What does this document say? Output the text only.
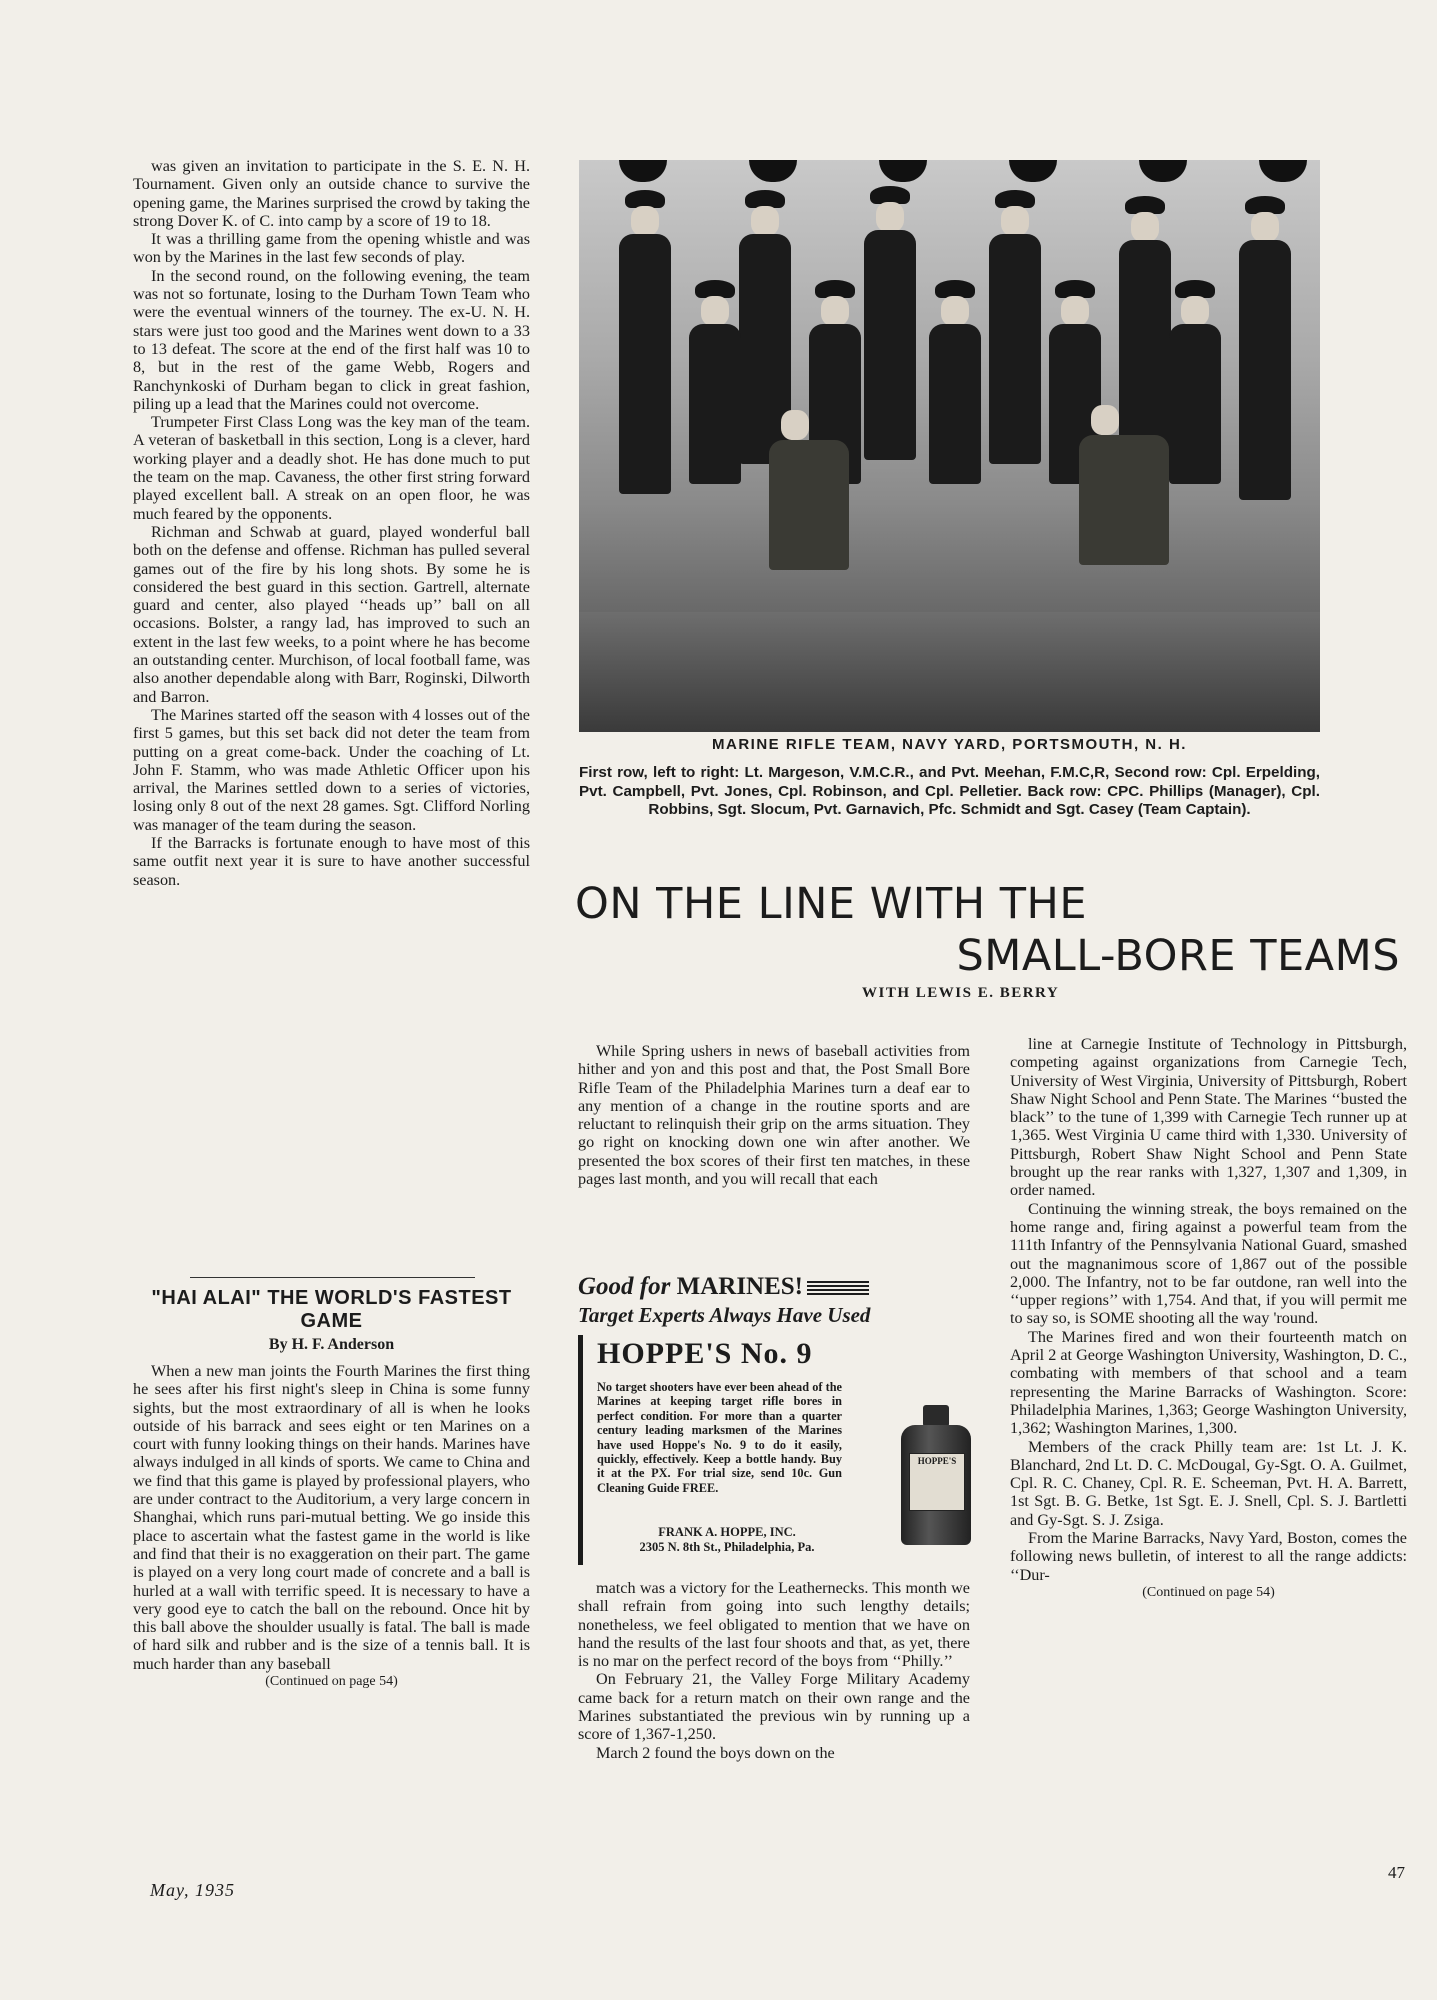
was given an invitation to participate in the S. E. N. H. Tournament. Given only an outside chance to survive the opening game, the Marines surprised the crowd by taking the strong Dover K. of C. into camp by a score of 19 to 18.

It was a thrilling game from the opening whistle and was won by the Marines in the last few seconds of play.

In the second round, on the following evening, the team was not so fortunate, losing to the Durham Town Team who were the eventual winners of the tourney. The ex-U. N. H. stars were just too good and the Marines went down to a 33 to 13 defeat. The score at the end of the first half was 10 to 8, but in the rest of the game Webb, Rogers and Ranchynkoski of Durham began to click in great fashion, piling up a lead that the Marines could not overcome.

Trumpeter First Class Long was the key man of the team. A veteran of basketball in this section, Long is a clever, hard working player and a deadly shot. He has done much to put the team on the map. Cavaness, the other first string forward played excellent ball. A streak on an open floor, he was much feared by the opponents.

Richman and Schwab at guard, played wonderful ball both on the defense and offense. Richman has pulled several games out of the fire by his long shots. By some he is considered the best guard in this section. Gartrell, alternate guard and center, also played ‘‘heads up’’ ball on all occasions. Bolster, a rangy lad, has improved to such an extent in the last few weeks, to a point where he has become an outstanding center. Murchison, of local football fame, was also another dependable along with Barr, Roginski, Dilworth and Barron.

The Marines started off the season with 4 losses out of the first 5 games, but this set back did not deter the team from putting on a great come-back. Under the coaching of Lt. John F. Stamm, who was made Athletic Officer upon his arrival, the Marines settled down to a series of victories, losing only 8 out of the next 28 games. Sgt. Clifford Norling was manager of the team during the season.

If the Barracks is fortunate enough to have most of this same outfit next year it is sure to have another successful season.

"HAI ALAI" THE WORLD'S FASTEST GAME
By H. F. Anderson

When a new man joints the Fourth Marines the first thing he sees after his first night's sleep in China is some funny sights, but the most extraordinary of all is when he looks outside of his barrack and sees eight or ten Marines on a court with funny looking things on their hands. Marines have always indulged in all kinds of sports. We came to China and we find that this game is played by professional players, who are under contract to the Auditorium, a very large concern in Shanghai, which runs pari-mutual betting. We go inside this place to ascertain what the fastest game in the world is like and find that their is no exaggeration on their part. The game is played on a very long court made of concrete and a ball is hurled at a wall with terrific speed. It is necessary to have a very good eye to catch the ball on the rebound. Once hit by this ball above the shoulder usually is fatal. The ball is made of hard silk and rubber and is the size of a tennis ball. It is much harder than any baseball

(Continued on page 54)

MARINE RIFLE TEAM, NAVY YARD, PORTSMOUTH, N. H.
First row, left to right: Lt. Margeson, V.M.C.R., and Pvt. Meehan, F.M.C,R, Second row: Cpl. Erpelding, Pvt. Campbell, Pvt. Jones, Cpl. Robinson, and Cpl. Pelletier. Back row: CPC. Phillips (Manager), Cpl. Robbins, Sgt. Slocum, Pvt. Garnavich, Pfc. Schmidt and Sgt. Casey (Team Captain).
ON THE LINE WITH THE
SMALL-BORE TEAMS
WITH LEWIS E. BERRY

While Spring ushers in news of baseball activities from hither and yon and this post and that, the Post Small Bore Rifle Team of the Philadelphia Marines turn a deaf ear to any mention of a change in the routine sports and are reluctant to relinquish their grip on the arms situation. They go right on knocking down one win after another. We presented the box scores of their first ten matches, in these pages last month, and you will recall that each

match was a victory for the Leathernecks. This month we shall refrain from going into such lengthy details; nonetheless, we feel obligated to mention that we have on hand the results of the last four shoots and that, as yet, there is no mar on the perfect record of the boys from ‘‘Philly.’’

On February 21, the Valley Forge Military Academy came back for a return match on their own range and the Marines substantiated the previous win by running up a score of 1,367-1,250.

March 2 found the boys down on the

line at Carnegie Institute of Technology in Pittsburgh, competing against organizations from Carnegie Tech, University of West Virginia, University of Pittsburgh, Robert Shaw Night School and Penn State. The Marines ‘‘busted the black’’ to the tune of 1,399 with Carnegie Tech runner up at 1,365. West Virginia U came third with 1,330. University of Pittsburgh, Robert Shaw Night School and Penn State brought up the rear ranks with 1,327, 1,307 and 1,309, in order named.

Continuing the winning streak, the boys remained on the home range and, firing against a powerful team from the 111th Infantry of the Pennsylvania National Guard, smashed out the magnanimous score of 1,867 out of the possible 2,000. The Infantry, not to be far outdone, ran well into the ‘‘upper regions’’ with 1,754. And that, if you will permit me to say so, is SOME shooting all the way 'round.

The Marines fired and won their fourteenth match on April 2 at George Washington University, Washington, D. C., combating with members of that school and a team representing the Marine Barracks of Washington. Score: Philadelphia Marines, 1,363; George Washington University, 1,362; Washington Marines, 1,300.

Members of the crack Philly team are: 1st Lt. J. K. Blanchard, 2nd Lt. D. C. McDougal, Gy-Sgt. O. A. Guilmet, Cpl. R. C. Chaney, Cpl. R. E. Scheeman, Pvt. H. A. Barrett, 1st Sgt. B. G. Betke, 1st Sgt. E. J. Snell, Cpl. S. J. Bartletti and Gy-Sgt. S. J. Zsiga.

From the Marine Barracks, Navy Yard, Boston, comes the following news bulletin, of interest to all the range addicts: ‘‘Dur-

(Continued on page 54)

Good for MARINES!
Target Experts Always Have Used
HOPPE'S No. 9
No target shooters have ever been ahead of the Marines at keeping target rifle bores in perfect condition. For more than a quarter century leading marksmen of the Marines have used Hoppe's No. 9 to do it easily, quickly, effectively. Keep a bottle handy. Buy it at the PX. For trial size, send 10c. Gun Cleaning Guide FREE.
FRANK A. HOPPE, INC.
2305 N. 8th St., Philadelphia, Pa.
HOPPE'S
May, 1935
47
